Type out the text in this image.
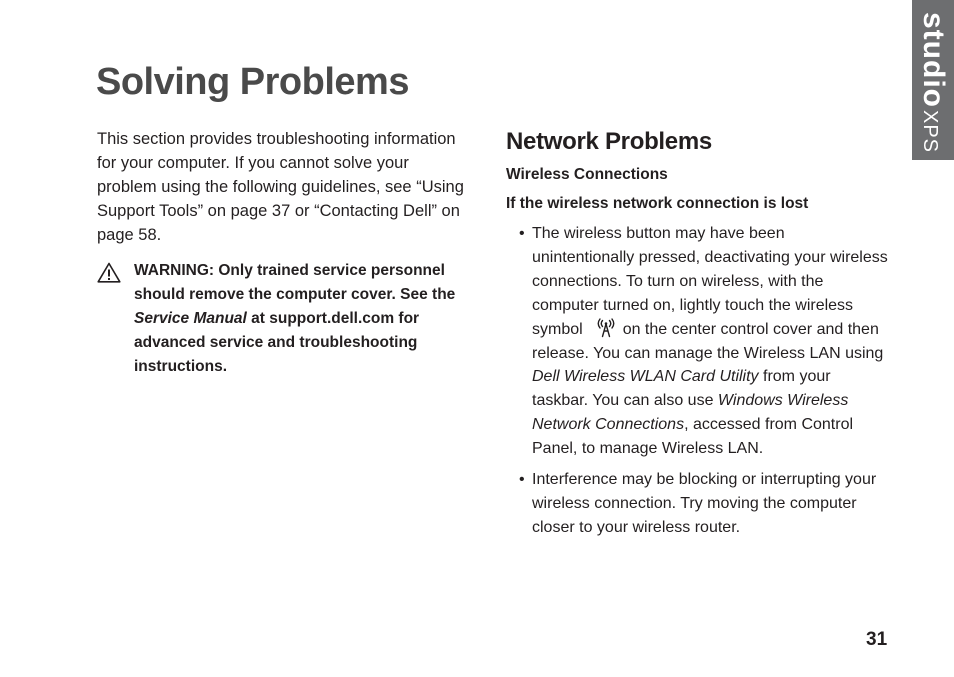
Solving Problems

This section provides troubleshooting information for your computer. If you cannot solve your problem using the following guidelines, see “Using Support Tools” on page 37 or “Contacting Dell” on page 58.

WARNING: Only trained service personnel should remove the computer cover. See the Service Manual at support.dell.com for advanced service and troubleshooting instructions.
Network Problems
Wireless Connections
If the wireless network connection is lost
• The wireless button may have been unintentionally pressed, deactivating your wireless connections. To turn on wireless, with the computer turned on, lightly touch the wireless symbol	on the center control cover and then release. You can manage the Wireless LAN using Dell Wireless WLAN Card Utility from your taskbar. You can also use Windows Wireless Network Connections, accessed from Control Panel, to manage Wireless LAN.
• Interference may be blocking or interrupting your wireless connection. Try moving the computer closer to your wireless router.
studioXPS
31
